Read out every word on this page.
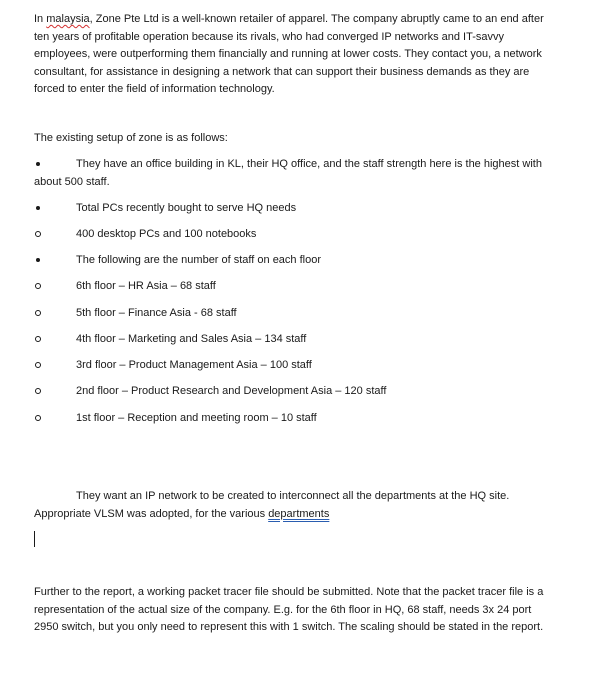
In malaysia, Zone Pte Ltd is a well-known retailer of apparel. The company abruptly came to an end after ten years of profitable operation because its rivals, who had converged IP networks and IT-savvy employees, were outperforming them financially and running at lower costs. They contact you, a network consultant, for assistance in designing a network that can support their business demands as they are forced to enter the field of information technology.

The existing setup of zone is as follows:

They have an office building in KL, their HQ office, and the staff strength here is the highest with about 500 staff.

Total PCs recently bought to serve HQ needs
400 desktop PCs and 100 notebooks
The following are the number of staff on each floor
6th floor – HR Asia – 68 staff
5th floor – Finance Asia - 68 staff
4th floor – Marketing and Sales Asia – 134 staff
3rd floor – Product Management Asia – 100 staff
2nd floor – Product Research and Development Asia – 120 staff
1st floor – Reception and meeting room – 10 staff

They want an IP network to be created to interconnect all the departments at the HQ site. Appropriate VLSM was adopted, for the various departments

Further to the report, a working packet tracer file should be submitted. Note that the packet tracer file is a representation of the actual size of the company. E.g. for the 6th floor in HQ, 68 staff, needs 3x 24 port 2950 switch, but you only need to represent this with 1 switch. The scaling should be stated in the report.
